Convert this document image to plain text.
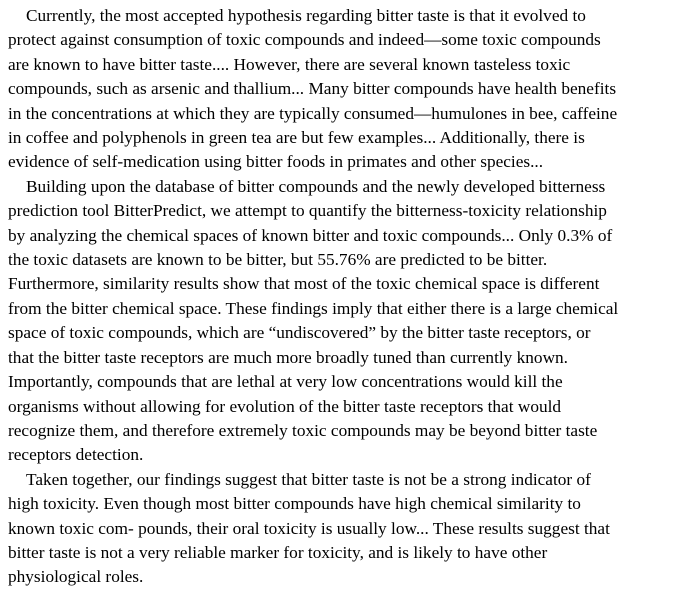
Currently, the most accepted hypothesis regarding bitter taste is that it evolved to
protect against consumption of toxic compounds and indeed—some toxic compounds
are known to have bitter taste.... However, there are several known tasteless toxic
compounds, such as arsenic and thallium... Many bitter compounds have health benefits
in the concentrations at which they are typically consumed—humulones in bee, caffeine
in coffee and polyphenols in green tea are but few examples... Additionally, there is
evidence of self-medication using bitter foods in primates and other species...
Building upon the database of bitter compounds and the newly developed bitterness
prediction tool BitterPredict, we attempt to quantify the bitterness-toxicity relationship
by analyzing the chemical spaces of known bitter and toxic compounds... Only 0.3% of
the toxic datasets are known to be bitter, but 55.76% are predicted to be bitter.
Furthermore, similarity results show that most of the toxic chemical space is different
from the bitter chemical space. These findings imply that either there is a large chemical
space of toxic compounds, which are “undiscovered” by the bitter taste receptors, or
that the bitter taste receptors are much more broadly tuned than currently known.
Importantly, compounds that are lethal at very low concentrations would kill the
organisms without allowing for evolution of the bitter taste receptors that would
recognize them, and therefore extremely toxic compounds may be beyond bitter taste
receptors detection.
Taken together, our findings suggest that bitter taste is not be a strong indicator of
high toxicity. Even though most bitter compounds have high chemical similarity to
known toxic com- pounds, their oral toxicity is usually low... These results suggest that
bitter taste is not a very reliable marker for toxicity, and is likely to have other
physiological roles.
